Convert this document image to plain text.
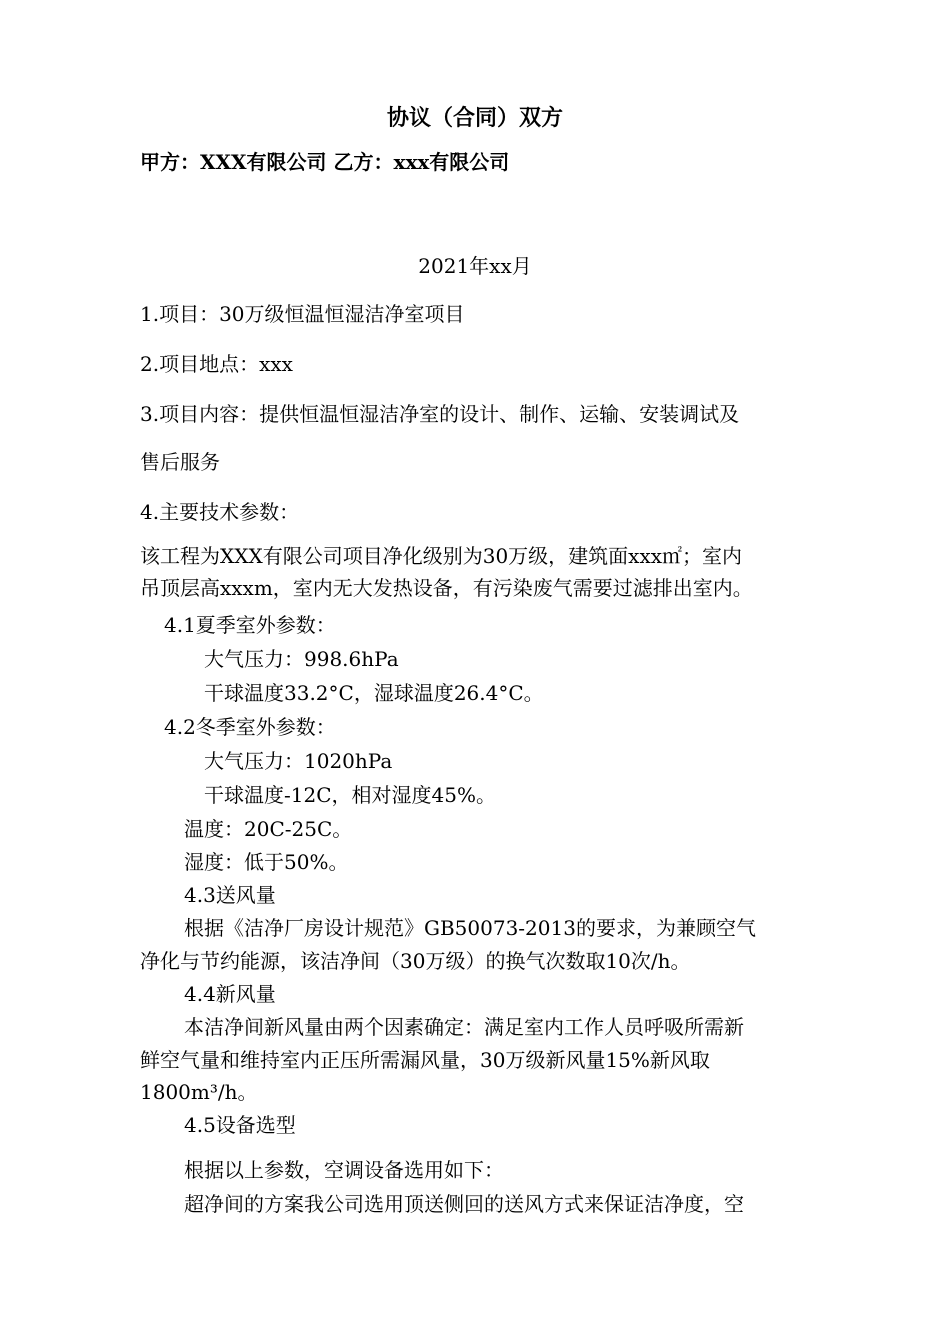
协议（合同）双方
甲方：XXX有限公司 乙方：xxx有限公司
2021年xx月
1.项目：30万级恒温恒湿洁净室项目
2.项目地点：xxx
3.项目内容：提供恒温恒湿洁净室的设计、制作、运输、安装调试及
售后服务
4.主要技术参数：
该工程为XXX有限公司项目净化级别为30万级，建筑面xxx㎡；室内
吊顶层高xxxm，室内无大发热设备，有污染废气需要过滤排出室内。
4.1夏季室外参数：
大气压力：998.6hPa
干球温度33.2°C，湿球温度26.4°C。
4.2冬季室外参数：
大气压力：1020hPa
干球温度-12C，相对湿度45%。
温度：20C-25C。
湿度：低于50%。
4.3送风量
根据《洁净厂房设计规范》GB50073-2013的要求，为兼顾空气
净化与节约能源，该洁净间（30万级）的换气次数取10次/h。
4.4新风量
本洁净间新风量由两个因素确定：满足室内工作人员呼吸所需新
鲜空气量和维持室内正压所需漏风量，30万级新风量15%新风取
1800m³/h。
4.5设备选型
根据以上参数，空调设备选用如下：
超净间的方案我公司选用顶送侧回的送风方式来保证洁净度，空
